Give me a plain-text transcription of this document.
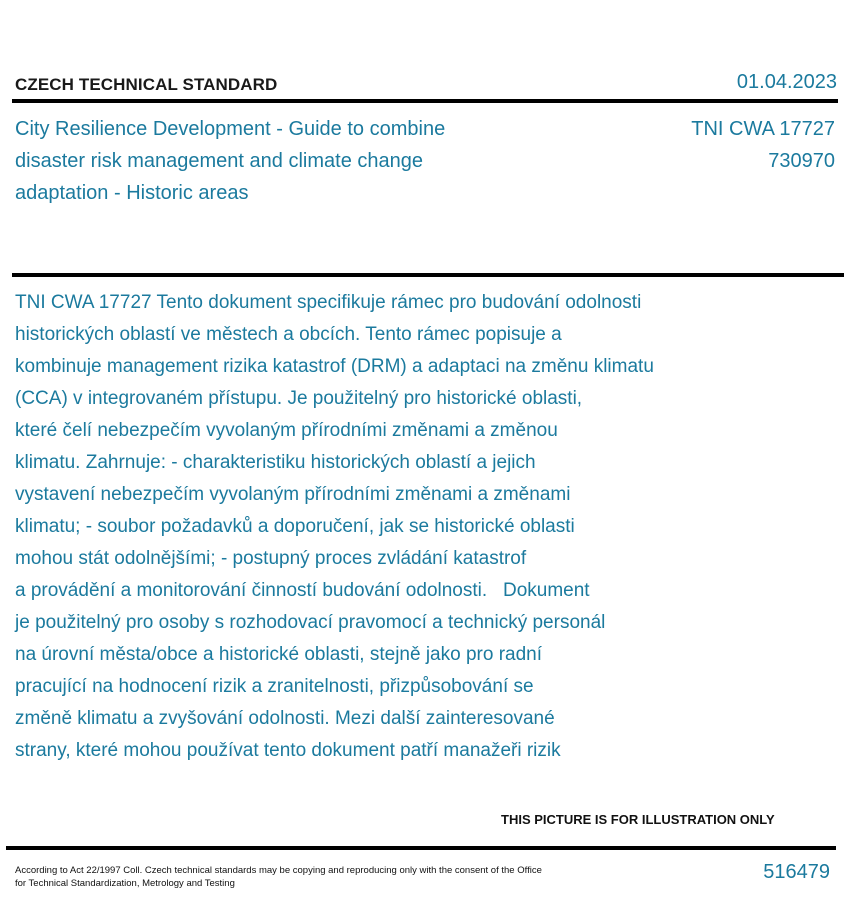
CZECH TECHNICAL STANDARD	01.04.2023
City Resilience Development - Guide to combine
disaster risk management and climate change
adaptation - Historic areas
TNI CWA 17727
730970
TNI CWA 17727 Tento dokument specifikuje rámec pro budování odolnosti
historických oblastí ve městech a obcích. Tento rámec popisuje a
kombinuje management rizika katastrof (DRM) a adaptaci na změnu klimatu
(CCA) v integrovaném přístupu. Je použitelný pro historické oblasti,
které čelí nebezpečím vyvolaným přírodními změnami a změnou
klimatu. Zahrnuje: - charakteristiku historických oblastí a jejich
vystavení nebezpečím vyvolaným přírodními změnami a změnami
klimatu; - soubor požadavků a doporučení, jak se historické oblasti
mohou stát odolnějšími; - postupný proces zvládání katastrof
a provádění a monitorování činností budování odolnosti.   Dokument
je použitelný pro osoby s rozhodovací pravomocí a technický personál
na úrovní města/obce a historické oblasti, stejně jako pro radní
pracující na hodnocení rizik a zranitelnosti, přizpůsobování se
změně klimatu a zvyšování odolnosti. Mezi další zainteresované
strany, které mohou používat tento dokument patří manažeři rizik
THIS PICTURE IS FOR ILLUSTRATION ONLY
According to Act 22/1997 Coll. Czech technical standards may be copying and reproducing only with the consent of the Office
for Technical Standardization, Metrology and Testing
516479
